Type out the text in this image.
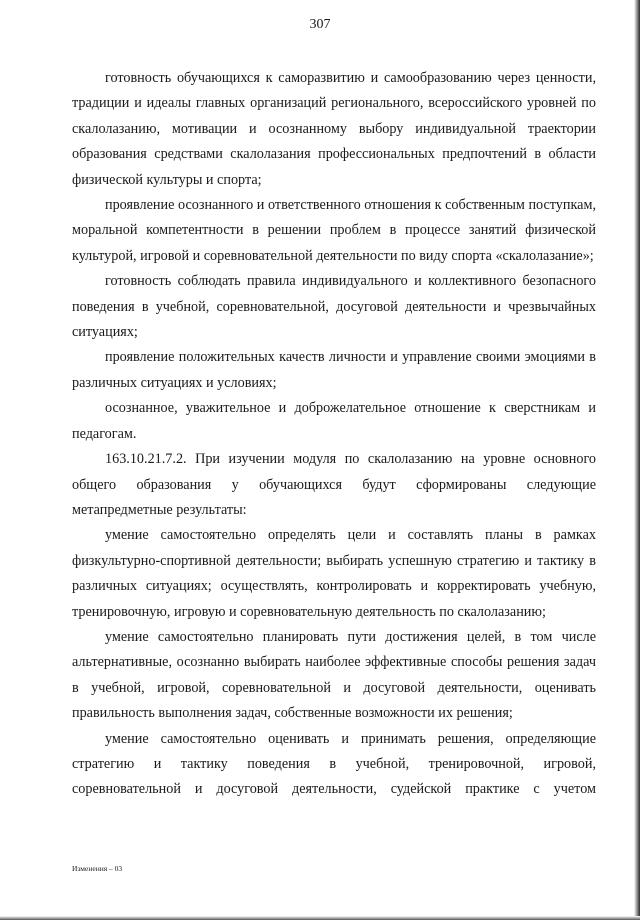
307

готовность обучающихся к саморазвитию и самообразованию через ценности, традиции и идеалы главных организаций регионального, всероссийского уровней по скалолазанию, мотивации и осознанному выбору индивидуальной траектории образования средствами скалолазания профессиональных предпочтений в области физической культуры и спорта;

проявление осознанного и ответственного отношения к собственным поступкам, моральной компетентности в решении проблем в процессе занятий физической культурой, игровой и соревновательной деятельности по виду спорта «скалолазание»;

готовность соблюдать правила индивидуального и коллективного безопасного поведения в учебной, соревновательной, досуговой деятельности и чрезвычайных ситуациях;

проявление положительных качеств личности и управление своими эмоциями в различных ситуациях и условиях;

осознанное, уважительное и доброжелательное отношение к сверстникам и педагогам.

163.10.21.7.2. При изучении модуля по скалолазанию на уровне основного общего образования у обучающихся будут сформированы следующие метапредметные результаты:

умение самостоятельно определять цели и составлять планы в рамках физкультурно-спортивной деятельности; выбирать успешную стратегию и тактику в различных ситуациях; осуществлять, контролировать и корректировать учебную, тренировочную, игровую и соревновательную деятельность по скалолазанию;

умение самостоятельно планировать пути достижения целей, в том числе альтернативные, осознанно выбирать наиболее эффективные способы решения задач в учебной, игровой, соревновательной и досуговой деятельности, оценивать правильность выполнения задач, собственные возможности их решения;

умение самостоятельно оценивать и принимать решения, определяющие стратегию и тактику поведения в учебной, тренировочной, игровой, соревновательной и досуговой деятельности, судейской практике с учетом

Изменения – 03
